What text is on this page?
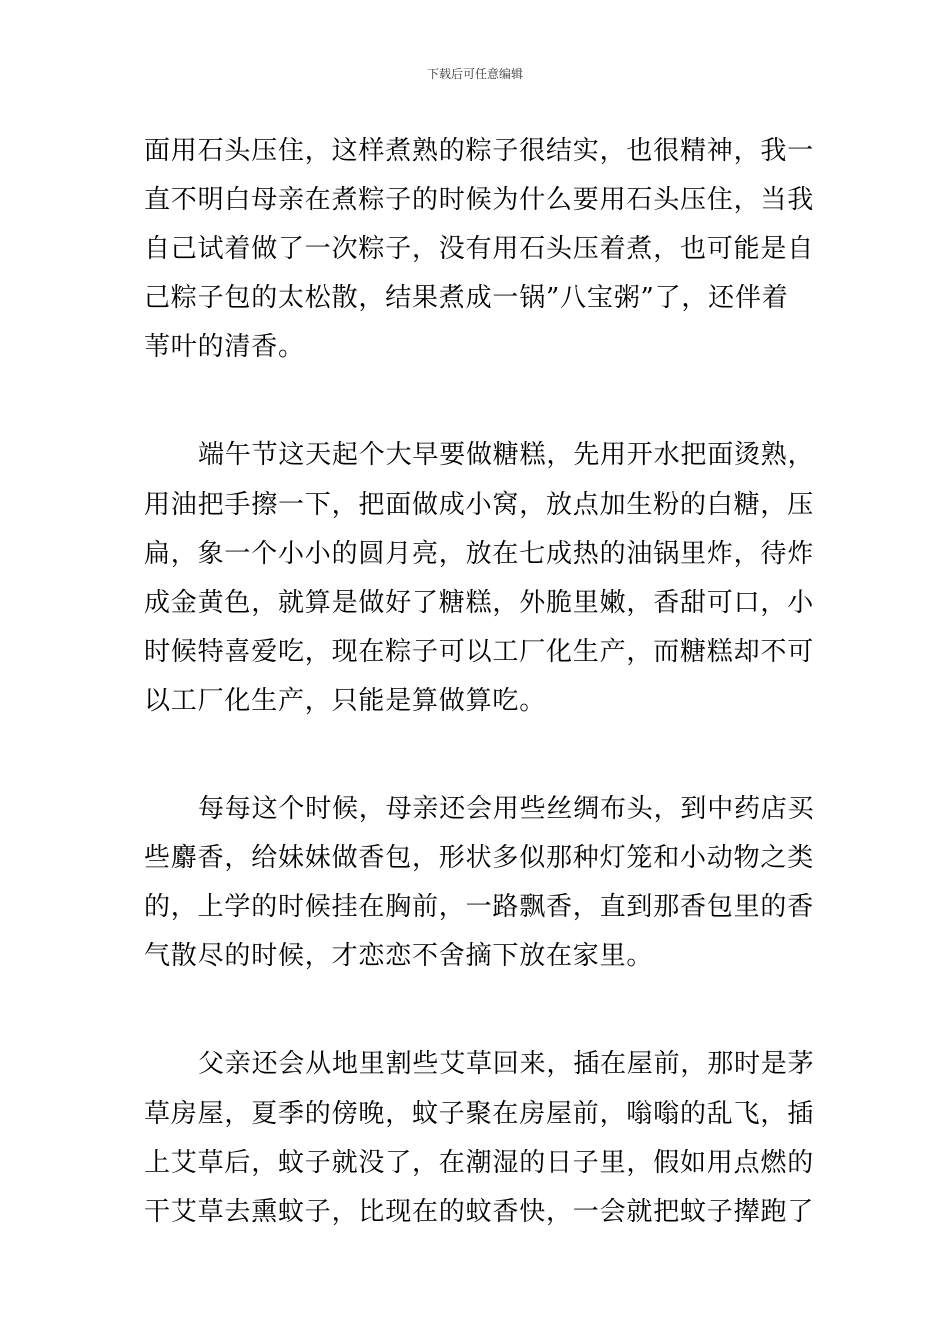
下载后可任意编辑
面用石头压住，这样煮熟的粽子很结实，也很精神，我一
直不明白母亲在煮粽子的时候为什么要用石头压住，当我
自己试着做了一次粽子，没有用石头压着煮，也可能是自
己粽子包的太松散，结果煮成一锅”八宝粥”了，还伴着
苇叶的清香。
端午节这天起个大早要做糖糕，先用开水把面烫熟，
用油把手擦一下，把面做成小窝，放点加生粉的白糖，压
扁，象一个小小的圆月亮，放在七成热的油锅里炸，待炸
成金黄色，就算是做好了糖糕，外脆里嫩，香甜可口，小
时候特喜爱吃，现在粽子可以工厂化生产，而糖糕却不可
以工厂化生产，只能是算做算吃。
每每这个时候，母亲还会用些丝绸布头，到中药店买
些麝香，给妹妹做香包，形状多似那种灯笼和小动物之类
的，上学的时候挂在胸前，一路飘香，直到那香包里的香
气散尽的时候，才恋恋不舍摘下放在家里。
父亲还会从地里割些艾草回来，插在屋前，那时是茅
草房屋，夏季的傍晚，蚊子聚在房屋前，嗡嗡的乱飞，插
上艾草后，蚊子就没了，在潮湿的日子里，假如用点燃的
干艾草去熏蚊子，比现在的蚊香快，一会就把蚊子撵跑了
